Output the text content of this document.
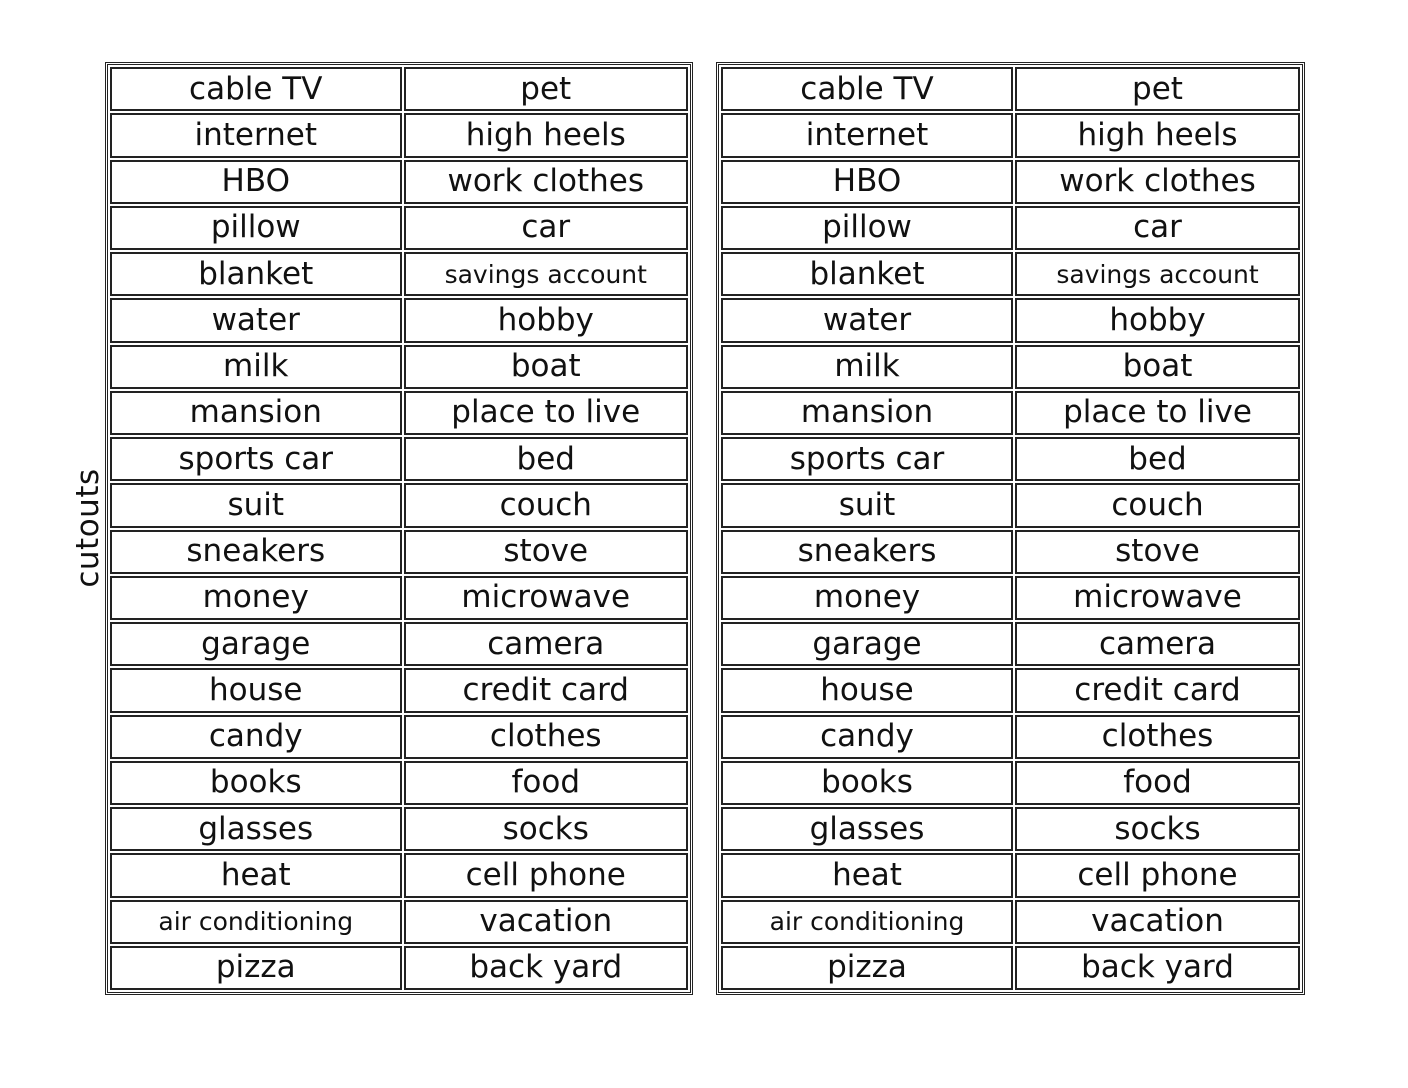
cutouts
cable TV	pet
internet	high heels
HBO	work clothes
pillow	car
blanket	savings account
water	hobby
milk	boat
mansion	place to live
sports car	bed
suit	couch
sneakers	stove
money	microwave
garage	camera
house	credit card
candy	clothes
books	food
glasses	socks
heat	cell phone
air conditioning	vacation
pizza	back yard
cable TV	pet
internet	high heels
HBO	work clothes
pillow	car
blanket	savings account
water	hobby
milk	boat
mansion	place to live
sports car	bed
suit	couch
sneakers	stove
money	microwave
garage	camera
house	credit card
candy	clothes
books	food
glasses	socks
heat	cell phone
air conditioning	vacation
pizza	back yard
